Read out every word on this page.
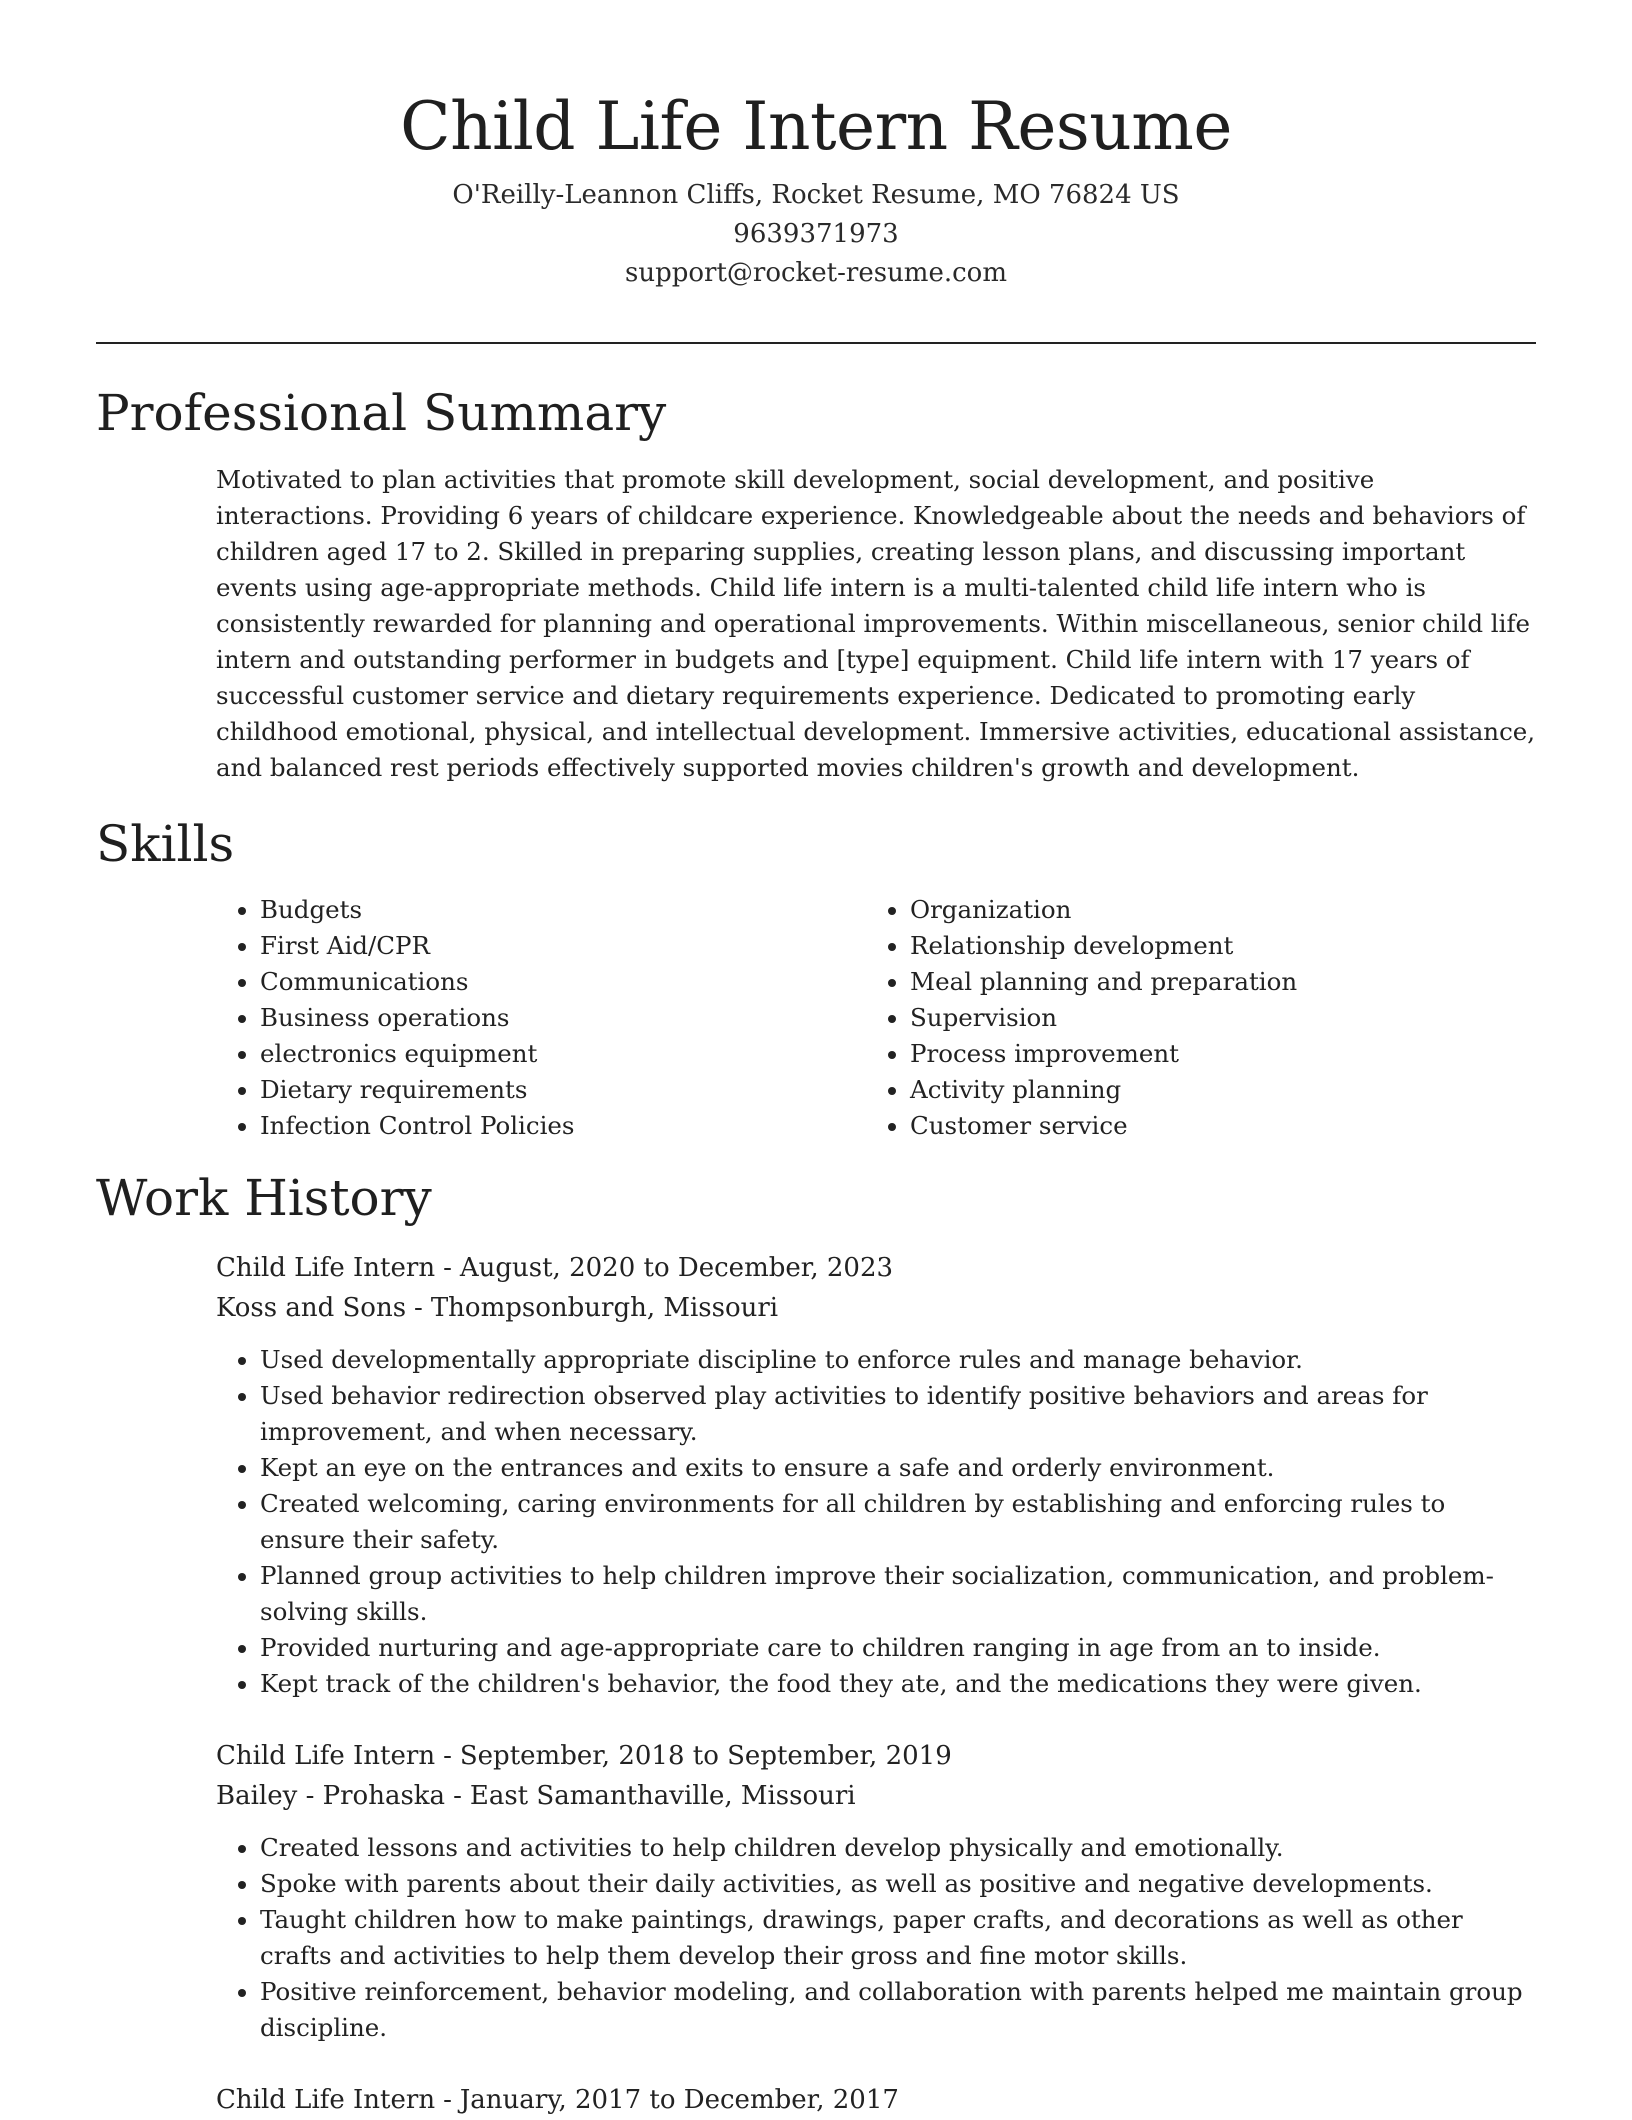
Child Life Intern Resume
O'Reilly-Leannon Cliffs, Rocket Resume, MO 76824 US
9639371973
support@rocket-resume.com
Professional Summary
Motivated to plan activities that promote skill development, social development, and positive interactions. Providing 6 years of childcare experience. Knowledgeable about the needs and behaviors of children aged 17 to 2. Skilled in preparing supplies, creating lesson plans, and discussing important events using age-appropriate methods. Child life intern is a multi-talented child life intern who is consistently rewarded for planning and operational improvements. Within miscellaneous, senior child life intern and outstanding performer in budgets and [type] equipment. Child life intern with 17 years of successful customer service and dietary requirements experience. Dedicated to promoting early childhood emotional, physical, and intellectual development. Immersive activities, educational assistance, and balanced rest periods effectively supported movies children's growth and development.
Skills
• Budgets
• First Aid/CPR
• Communications
• Business operations
• electronics equipment
• Dietary requirements
• Infection Control Policies
• Organization
• Relationship development
• Meal planning and preparation
• Supervision
• Process improvement
• Activity planning
• Customer service
Work History
Child Life Intern - August, 2020 to December, 2023
Koss and Sons - Thompsonburgh, Missouri
• Used developmentally appropriate discipline to enforce rules and manage behavior.
• Used behavior redirection observed play activities to identify positive behaviors and areas for improvement, and when necessary.
• Kept an eye on the entrances and exits to ensure a safe and orderly environment.
• Created welcoming, caring environments for all children by establishing and enforcing rules to ensure their safety.
• Planned group activities to help children improve their socialization, communication, and problem-solving skills.
• Provided nurturing and age-appropriate care to children ranging in age from an to inside.
• Kept track of the children's behavior, the food they ate, and the medications they were given.
Child Life Intern - September, 2018 to September, 2019
Bailey - Prohaska - East Samanthaville, Missouri
• Created lessons and activities to help children develop physically and emotionally.
• Spoke with parents about their daily activities, as well as positive and negative developments.
• Taught children how to make paintings, drawings, paper crafts, and decorations as well as other crafts and activities to help them develop their gross and fine motor skills.
• Positive reinforcement, behavior modeling, and collaboration with parents helped me maintain group discipline.
Child Life Intern - January, 2017 to December, 2017
